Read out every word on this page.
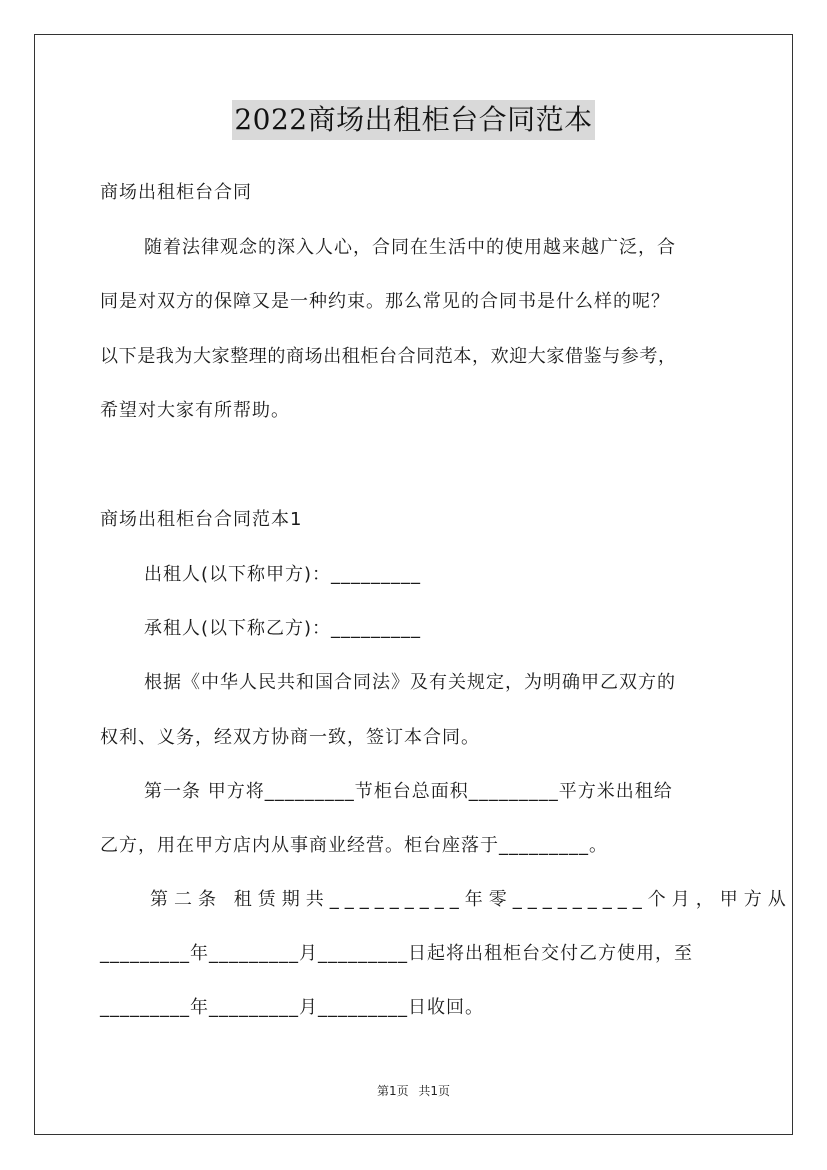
2022商场出租柜台合同范本
商场出租柜台合同
随着法律观念的深入人心，合同在生活中的使用越来越广泛，合
同是对双方的保障又是一种约束。那么常见的合同书是什么样的呢？
以下是我为大家整理的商场出租柜台合同范本，欢迎大家借鉴与参考，
希望对大家有所帮助。
商场出租柜台合同范本1
出租人(以下称甲方)：_________
承租人(以下称乙方)：_________
根据《中华人民共和国合同法》及有关规定，为明确甲乙双方的
权利、义务，经双方协商一致，签订本合同。
第一条 甲方将_________节柜台总面积_________平方米出租给
乙方，用在甲方店内从事商业经营。柜台座落于_________。
第二条 租赁期共_________年零_________个月，甲方从
_________年_________月_________日起将出租柜台交付乙方使用，至
_________年_________月_________日收回。
第1页 共1页
